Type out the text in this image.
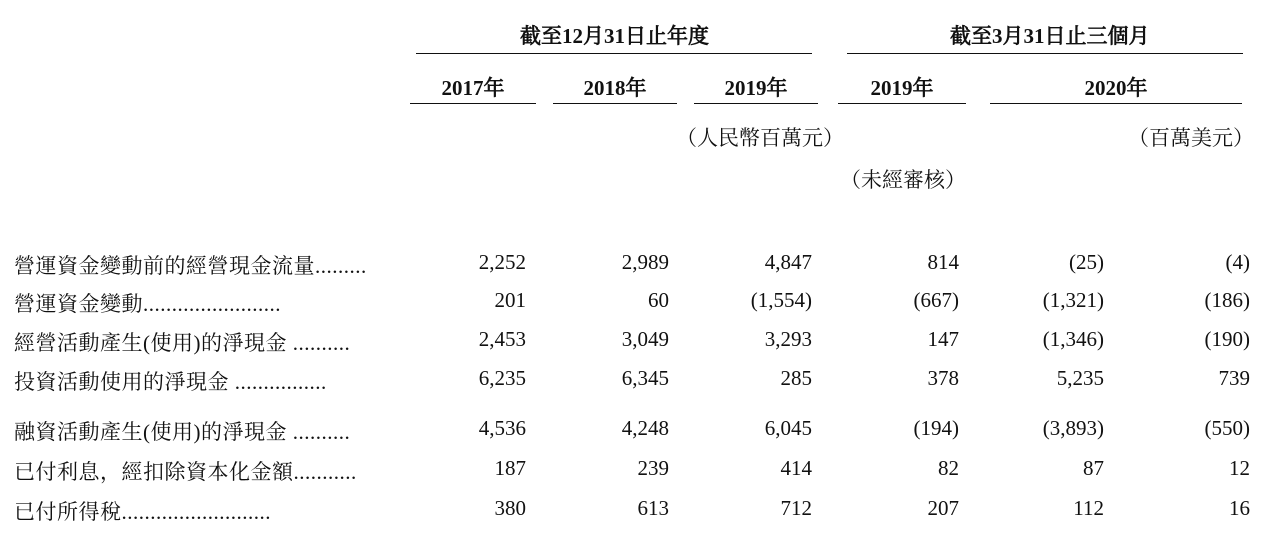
截至12月31日止年度	截至3月31日止三個月
2017年	2018年	2019年	2019年	2020年
（人民幣百萬元）	（百萬美元）
（未經審核）
營運資金變動前的經營現金流量.........	2,252	2,989	4,847	814	(25)	(4)
營運資金變動........................	201	60	(1,554)	(667)	(1,321)	(186)
經營活動產生(使用)的淨現金 ..........	2,453	3,049	3,293	147	(1,346)	(190)
投資活動使用的淨現金 ................	6,235	6,345	285	378	5,235	739
融資活動產生(使用)的淨現金 ..........	4,536	4,248	6,045	(194)	(3,893)	(550)
已付利息，經扣除資本化金額...........	187	239	414	82	87	12
已付所得稅..........................	380	613	712	207	112	16
